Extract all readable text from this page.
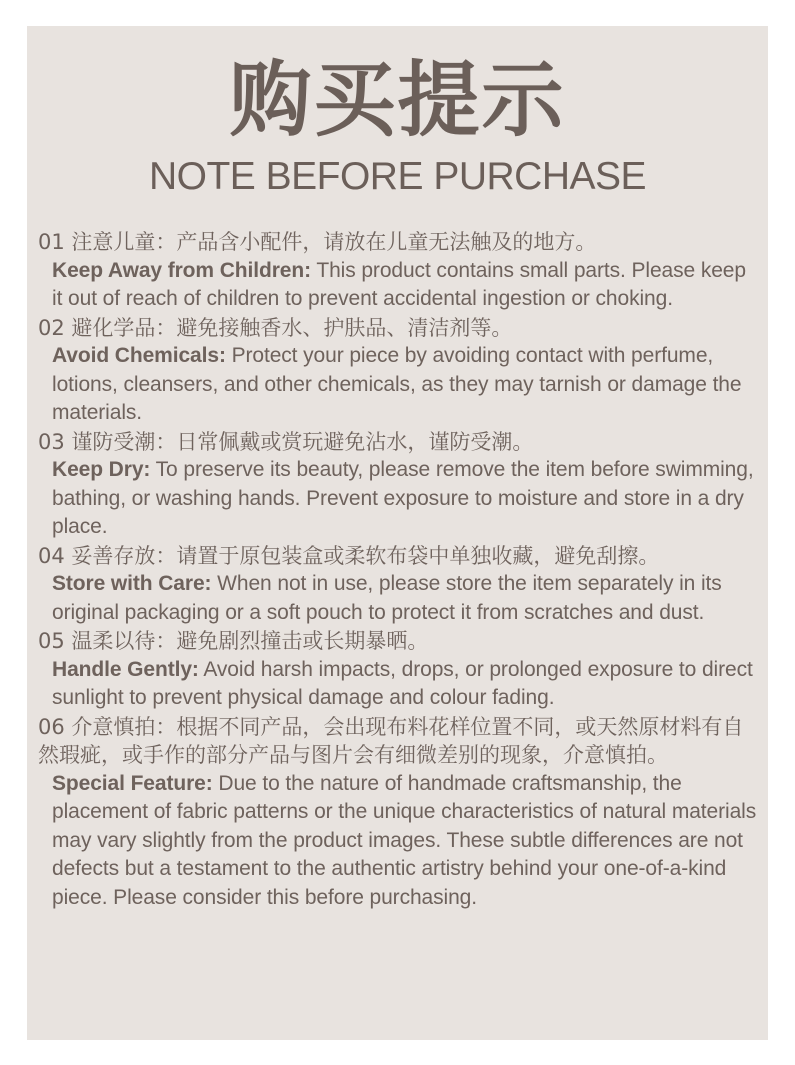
购买提示
NOTE BEFORE PURCHASE
01 注意儿童：产品含小配件，请放在儿童无法触及的地方。
Keep Away from Children: This product contains small parts. Please keep it out of reach of children to prevent accidental ingestion or choking.
02 避化学品：避免接触香水、护肤品、清洁剂等。
Avoid Chemicals: Protect your piece by avoiding contact with perfume, lotions, cleansers, and other chemicals, as they may tarnish or damage the materials.
03 谨防受潮：日常佩戴或赏玩避免沾水，谨防受潮。
Keep Dry: To preserve its beauty, please remove the item before swimming, bathing, or washing hands. Prevent exposure to moisture and store in a dry place.
04 妥善存放：请置于原包装盒或柔软布袋中单独收藏，避免刮擦。
Store with Care: When not in use, please store the item separately in its original packaging or a soft pouch to protect it from scratches and dust.
05 温柔以待：避免剧烈撞击或长期暴晒。
Handle Gently: Avoid harsh impacts, drops, or prolonged exposure to direct sunlight to prevent physical damage and colour fading.
06 介意慎拍：根据不同产品，会出现布料花样位置不同，或天然原材料有自然瑕疵，或手作的部分产品与图片会有细微差别的现象，介意慎拍。
Special Feature: Due to the nature of handmade craftsmanship, the placement of fabric patterns or the unique characteristics of natural materials may vary slightly from the product images. These subtle differences are not defects but a testament to the authentic artistry behind your one-of-a-kind piece. Please consider this before purchasing.
